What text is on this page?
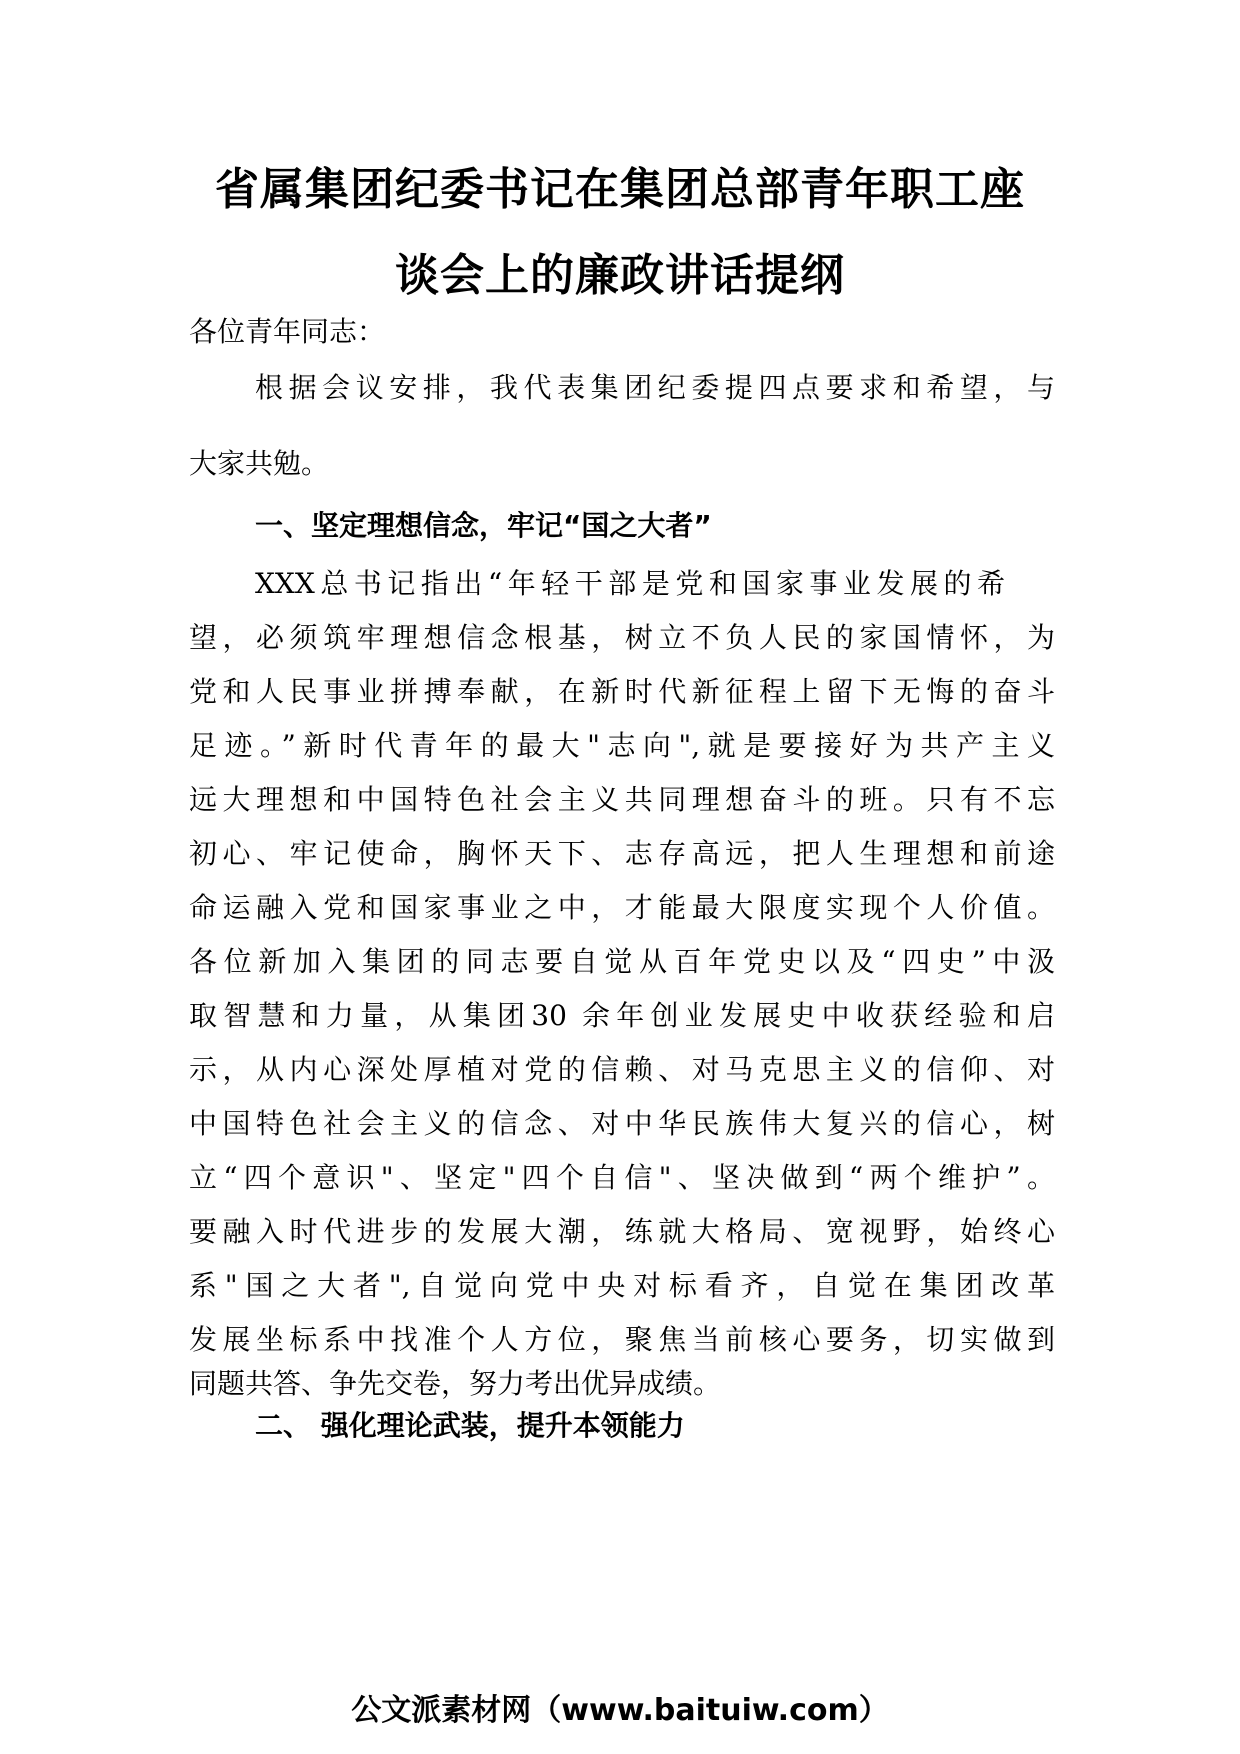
省属集团纪委书记在集团总部青年职工座
谈会上的廉政讲话提纲
各位青年同志：
根据会议安排，我代表集团纪委提四点要求和希望，与
大家共勉。
一、坚定理想信念，牢记“国之大者”
XXX总书记指出“年轻干部是党和国家事业发展的希
望，必须筑牢理想信念根基，树立不负人民的家国情怀，为
党和人民事业拼搏奉献，在新时代新征程上留下无悔的奋斗
足迹。”新时代青年的最大"志向",就是要接好为共产主义
远大理想和中国特色社会主义共同理想奋斗的班。只有不忘
初心、牢记使命，胸怀天下、志存高远，把人生理想和前途
命运融入党和国家事业之中，才能最大限度实现个人价值。
各位新加入集团的同志要自觉从百年党史以及“四史”中汲
取智慧和力量，从集团30 余年创业发展史中收获经验和启
示，从内心深处厚植对党的信赖、对马克思主义的信仰、对
中国特色社会主义的信念、对中华民族伟大复兴的信心，树
立“四个意识"、坚定"四个自信"、坚决做到“两个维护”。
要融入时代进步的发展大潮，练就大格局、宽视野，始终心
系"国之大者",自觉向党中央对标看齐，自觉在集团改革
发展坐标系中找准个人方位，聚焦当前核心要务，切实做到
同题共答、争先交卷，努力考出优异成绩。
二、 强化理论武装，提升本领能力
公文派素材网（www.baituiw.com）
